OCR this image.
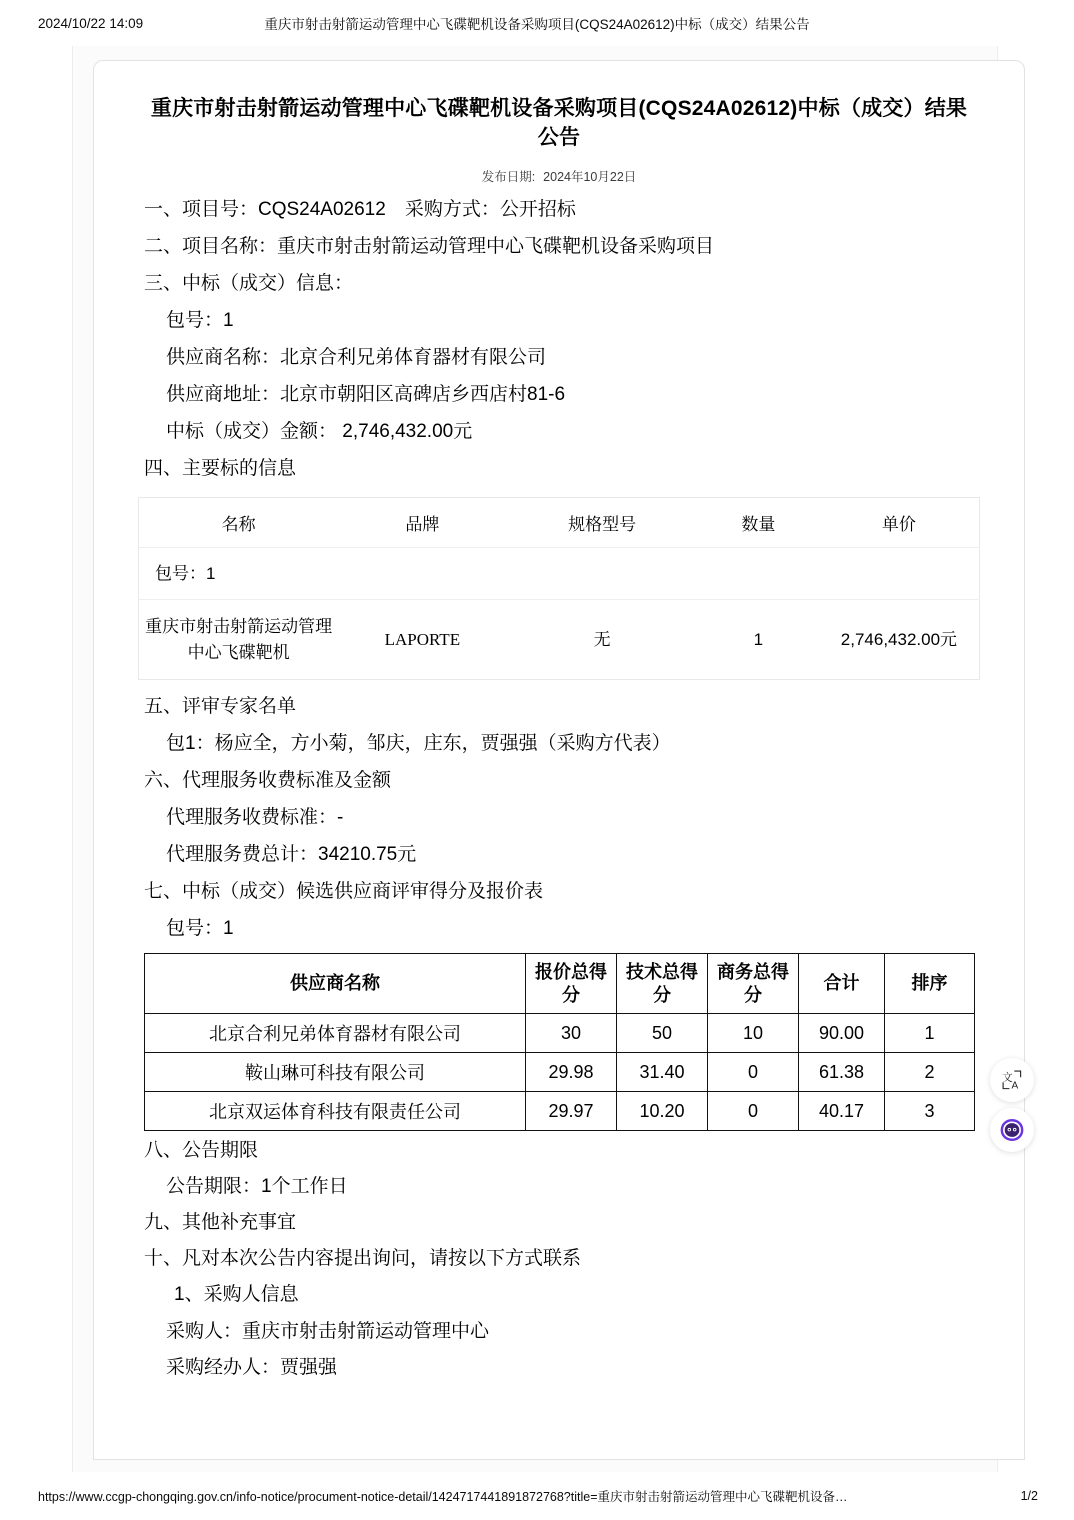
2024/10/22 14:09	重庆市射击射箭运动管理中心飞碟靶机设备采购项目(CQS24A02612)中标（成交）结果公告
重庆市射击射箭运动管理中心飞碟靶机设备采购项目(CQS24A02612)中标（成交）结果公告
发布日期: 2024年10月22日

一、项目号：CQS24A02612　采购方式：公开招标

二、项目名称：重庆市射击射箭运动管理中心飞碟靶机设备采购项目

三、中标（成交）信息：

包号：1

供应商名称：北京合利兄弟体育器材有限公司

供应商地址：北京市朝阳区高碑店乡西店村81-6

中标（成交）金额： 2,746,432.00元

四、主要标的信息

包号：1				
名称	品牌	规格型号	数量	单价
重庆市射击射箭运动管理中心飞碟靶机	LAPORTE	无	1	2,746,432.00元

五、评审专家名单

包1：杨应全，方小菊，邹庆，庄东，贾强强（采购方代表）

六、代理服务收费标准及金额

代理服务收费标准：-

代理服务费总计：34210.75元

七、中标（成交）候选供应商评审得分及报价表

包号：1

供应商名称	报价总得分	技术总得分	商务总得分	合计	排序
北京合利兄弟体育器材有限公司	30	50	10	90.00	1
鞍山琳可科技有限公司	29.98	31.40	0	61.38	2
北京双运体育科技有限责任公司	29.97	10.20	0	40.17	3

八、公告期限

公告期限：1个工作日

九、其他补充事宜

十、凡对本次公告内容提出询问，请按以下方式联系

1、采购人信息

采购人：重庆市射击射箭运动管理中心

采购经办人：贾强强

文
A
https://www.ccgp-chongqing.gov.cn/info-notice/procument-notice-detail/1424717441891872768?title=重庆市射击射箭运动管理中心飞碟靶机设备…	1/2
